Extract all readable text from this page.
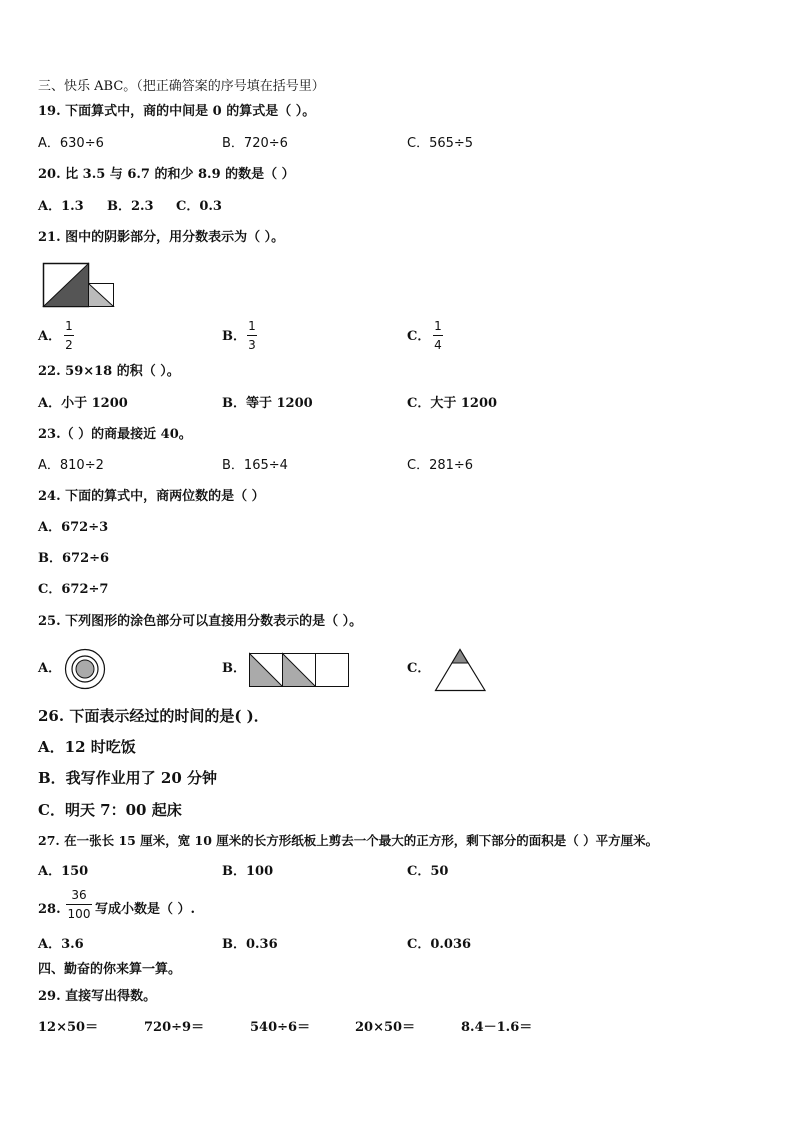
三、快乐 ABC。（把正确答案的序号填在括号里）
19. 下面算式中，商的中间是 0 的算式是（ ）。
A．630÷6	B．720÷6	C．565÷5
20. 比 3.5 与 6.7 的和少 8.9 的数是（ ）
A．1.3 B．2.3 C．0.3
21. 图中的阴影部分，用分数表示为（ ）。
A．
1
2
B．
1
3
C．
1
4
22. 59×18 的积（ ）。
A．小于 1200	B．等于 1200	C．大于 1200
23.（ ）的商最接近 40。
A．810÷2	B．165÷4	C．281÷6
24. 下面的算式中，商两位数的是（ ）
A．672÷3
B．672÷6
C．672÷7
25. 下列图形的涂色部分可以直接用分数表示的是（ ）。
A．	B．	C．
26. 下面表示经过的时间的是( )．
A．12 时吃饭
B．我写作业用了 20 分钟
C．明天 7：00 起床
27. 在一张长 15 厘米，宽 10 厘米的长方形纸板上剪去一个最大的正方形，剩下部分的面积是（ ）平方厘米。
A．150	B．100	C．50
28.
36
100 写成小数是（ ）.
A．3.6	B．0.36	C．0.036
四、勤奋的你来算一算。
29. 直接写出得数。
12×50＝	720÷9＝	540÷6＝	20×50＝	8.4－1.6＝
